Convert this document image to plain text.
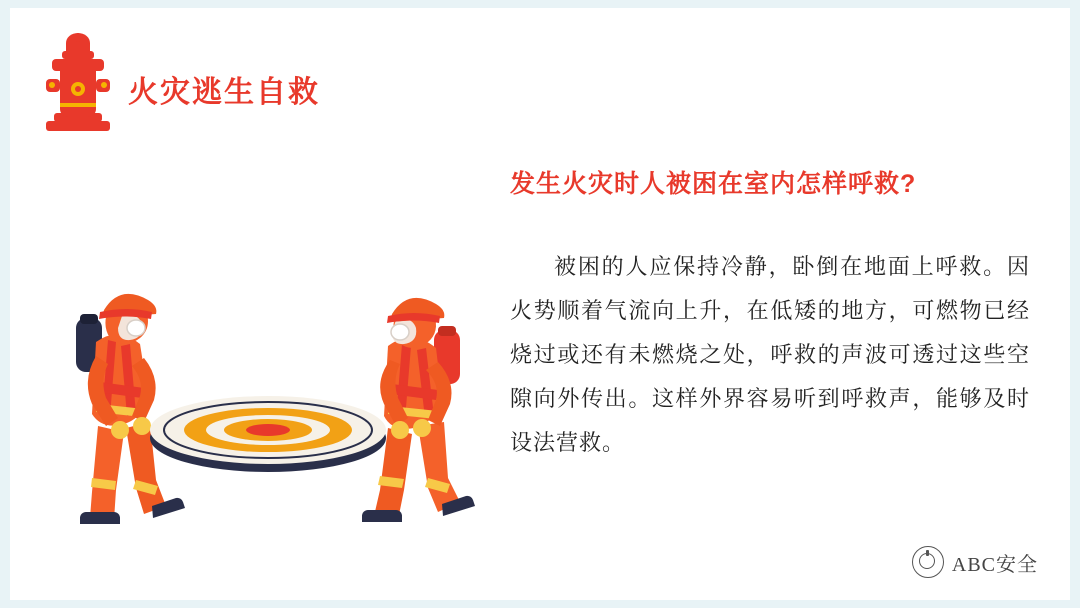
火灾逃生自救
发生火灾时人被困在室内怎样呼救?

被困的人应保持冷静，卧倒在地面上呼救。因火势顺着气流向上升，在低矮的地方，可燃物已经烧过或还有未燃烧之处，呼救的声波可透过这些空隙向外传出。这样外界容易听到呼救声，能够及时设法营救。

ABC安全
